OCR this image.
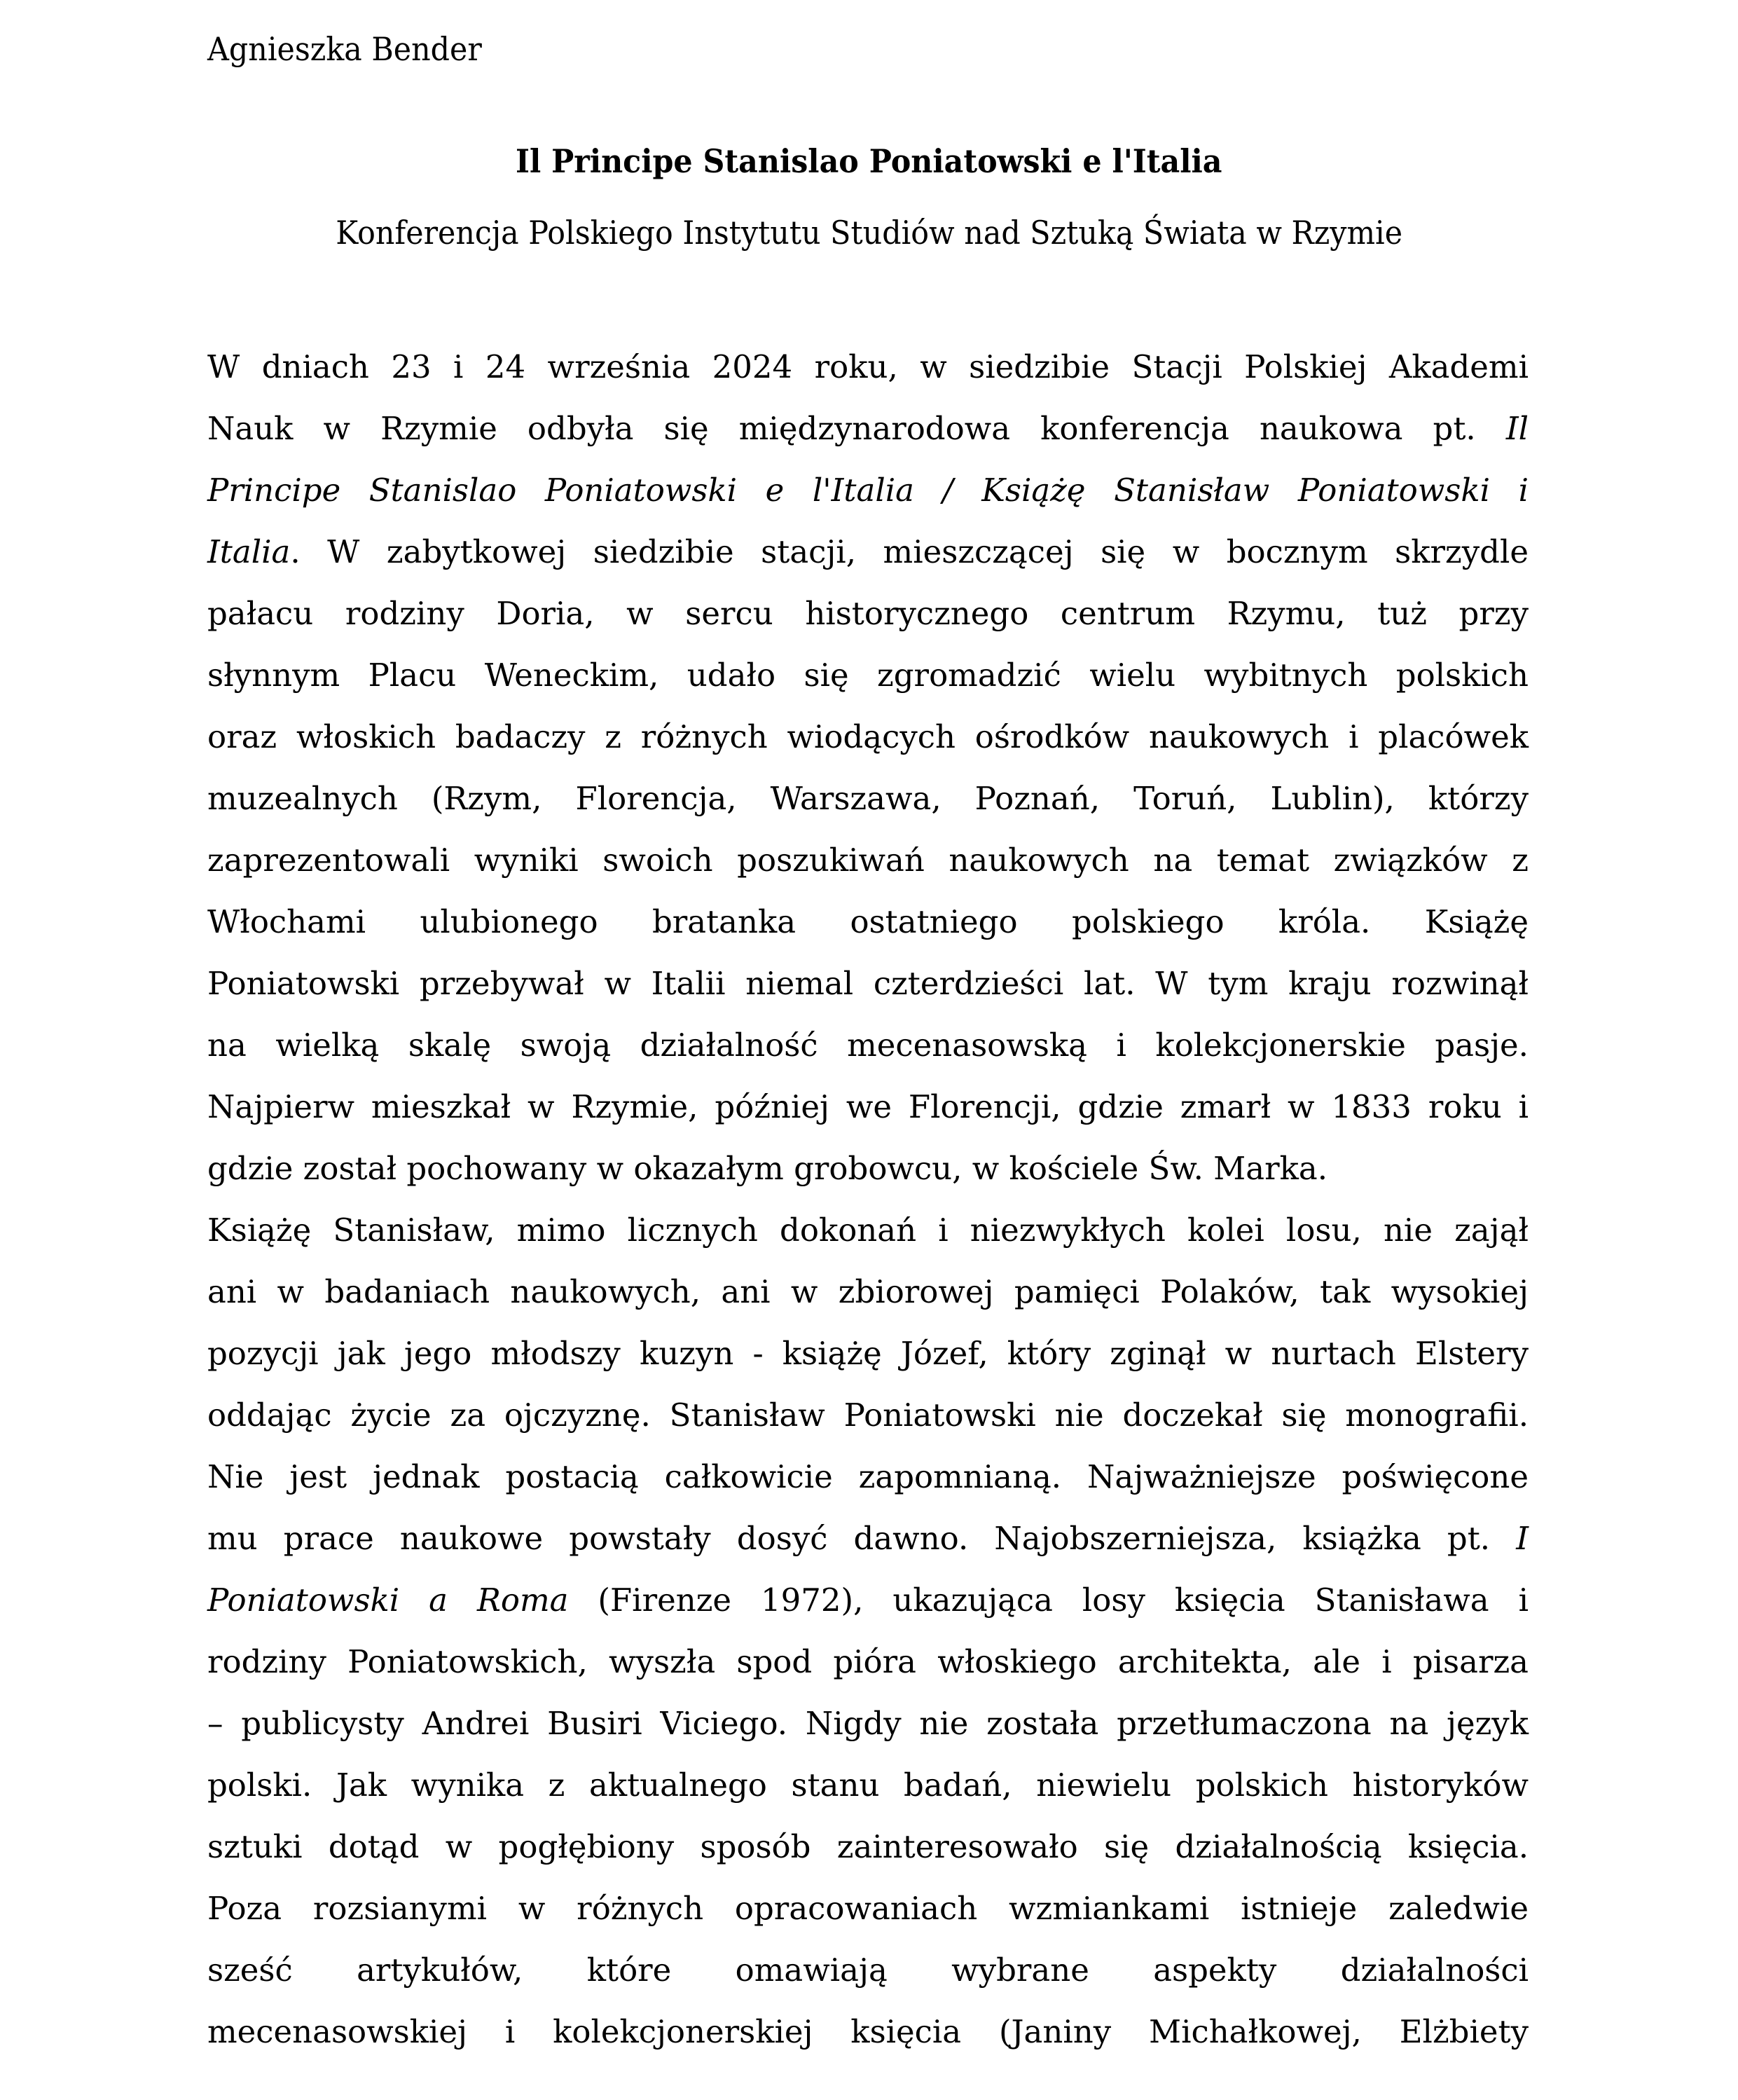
Agnieszka Bender
Il Principe Stanislao Poniatowski e l'Italia
Konferencja Polskiego Instytutu Studiów nad Sztuką Świata w Rzymie
W dniach 23 i 24 września 2024 roku, w siedzibie Stacji Polskiej Akademi
Nauk w Rzymie odbyła się międzynarodowa konferencja naukowa pt. Il
Principe Stanislao Poniatowski e l'Italia / Książę Stanisław Poniatowski i
Italia. W zabytkowej siedzibie stacji, mieszczącej się w bocznym skrzydle
pałacu rodziny Doria, w sercu historycznego centrum Rzymu, tuż przy
słynnym Placu Weneckim, udało się zgromadzić wielu wybitnych polskich
oraz włoskich badaczy z różnych wiodących ośrodków naukowych i placówek
muzealnych (Rzym, Florencja, Warszawa, Poznań, Toruń, Lublin), którzy
zaprezentowali wyniki swoich poszukiwań naukowych na temat związków z
Włochami ulubionego bratanka ostatniego polskiego króla. Książę
Poniatowski przebywał w Italii niemal czterdzieści lat. W tym kraju rozwinął
na wielką skalę swoją działalność mecenasowską i kolekcjonerskie pasje.
Najpierw mieszkał w Rzymie, później we Florencji, gdzie zmarł w 1833 roku i
gdzie został pochowany w okazałym grobowcu, w kościele Św. Marka.
Książę Stanisław, mimo licznych dokonań i niezwykłych kolei losu, nie zajął
ani w badaniach naukowych, ani w zbiorowej pamięci Polaków, tak wysokiej
pozycji jak jego młodszy kuzyn - książę Józef, który zginął w nurtach Elstery
oddając życie za ojczyznę. Stanisław Poniatowski nie doczekał się monografii.
Nie jest jednak postacią całkowicie zapomnianą. Najważniejsze poświęcone
mu prace naukowe powstały dosyć dawno. Najobszerniejsza, książka pt. I
Poniatowski a Roma (Firenze 1972), ukazująca losy księcia Stanisława i
rodziny Poniatowskich, wyszła spod pióra włoskiego architekta, ale i pisarza
– publicysty Andrei Busiri Viciego. Nigdy nie została przetłumaczona na język
polski. Jak wynika z aktualnego stanu badań, niewielu polskich historyków
sztuki dotąd w pogłębiony sposób zainteresowało się działalnością księcia.
Poza rozsianymi w różnych opracowaniach wzmiankami istnieje zaledwie
sześć artykułów, które omawiają wybrane aspekty działalności
mecenasowskiej i kolekcjonerskiej księcia (Janiny Michałkowej, Elżbiety
